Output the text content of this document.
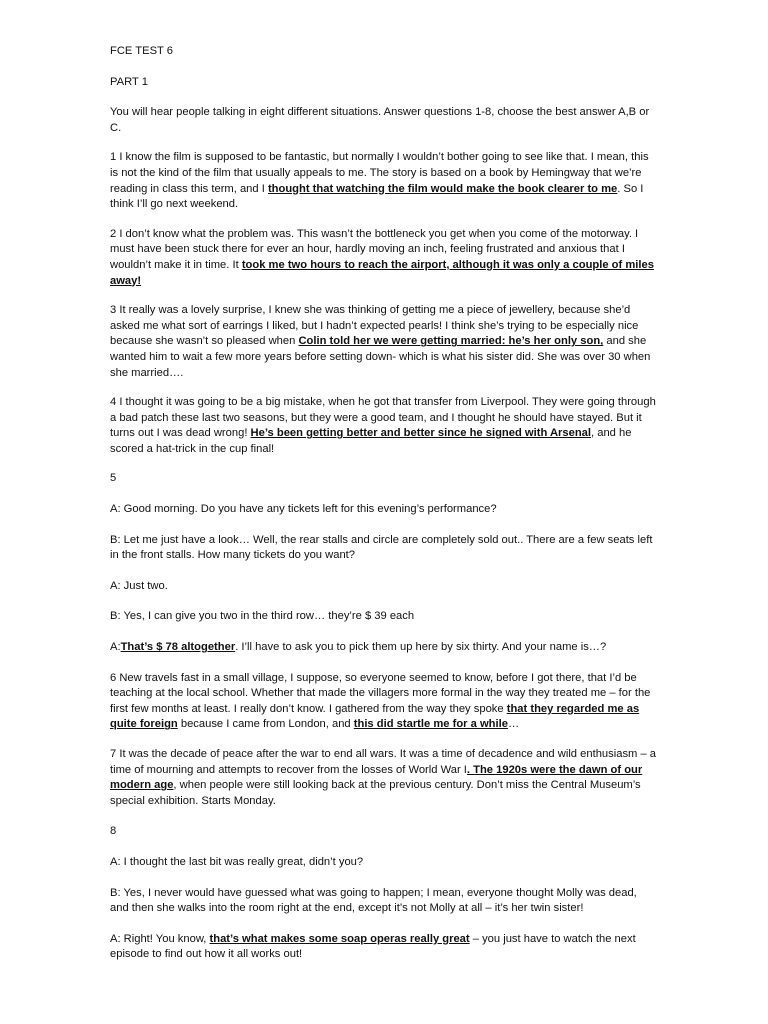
FCE TEST 6

PART 1

You will hear people talking in eight different situations. Answer questions 1-8, choose the best answer A,B or C.

1 I know the film is supposed to be fantastic, but normally I wouldn’t bother going to see like that. I mean, this is not the kind of the film that usually appeals to me. The story is based on a book by Hemingway that we’re reading in class this term, and I thought that watching the film would make the book clearer to me. So I think I’ll go next weekend.

2 I don’t know what the problem was. This wasn’t the bottleneck you get when you come of the motorway. I must have been stuck there for ever an hour, hardly moving an inch, feeling frustrated and anxious that I wouldn’t make it in time. It took me two hours to reach the airport, although it was only a couple of miles away!

3 It really was a lovely surprise, I knew she was thinking of getting me a piece of jewellery, because she’d asked me what sort of earrings I liked, but I hadn’t expected pearls! I think she’s trying to be especially nice because she wasn’t so pleased when Colin told her we were getting married: he’s her only son, and she wanted him to wait a few more years before setting down- which is what his sister did. She was over 30 when she married….

4 I thought it was going to be a big mistake, when he got that transfer from Liverpool. They were going through a bad patch these last two seasons, but they were a good team, and I thought he should have stayed. But it turns out I was dead wrong! He’s been getting better and better since he signed with Arsenal, and he scored a hat-trick in the cup final!

5

A: Good morning. Do you have any tickets left for this evening’s performance?

B: Let me just have a look… Well, the rear stalls and circle are completely sold out.. There are a few seats left in the front stalls. How many tickets do you want?

A: Just two.

B: Yes, I can give you two in the third row… they’re $ 39 each

A:That’s $ 78 altogether. I’ll have to ask you to pick them up here by six thirty. And your name is…?

6 New travels fast in a small village, I suppose, so everyone seemed to know, before I got there, that I’d be teaching at the local school. Whether that made the villagers more formal in the way they treated me – for the first few months at least. I really don’t know. I gathered from the way they spoke that they regarded me as quite foreign because I came from London, and this did startle me for a while…

7 It was the decade of peace after the war to end all wars. It was a time of decadence and wild enthusiasm – a time of mourning and attempts to recover from the losses of World War I. The 1920s were the dawn of our modern age, when people were still looking back at the previous century. Don’t miss the Central Museum’s special exhibition. Starts Monday.

8

A: I thought the last bit was really great, didn’t you?

B: Yes, I never would have guessed what was going to happen; I mean, everyone thought Molly was dead, and then she walks into the room right at the end, except it’s not Molly at all – it’s her twin sister!

A: Right! You know, that’s what makes some soap operas really great – you just have to watch the next episode to find out how it all works out!
